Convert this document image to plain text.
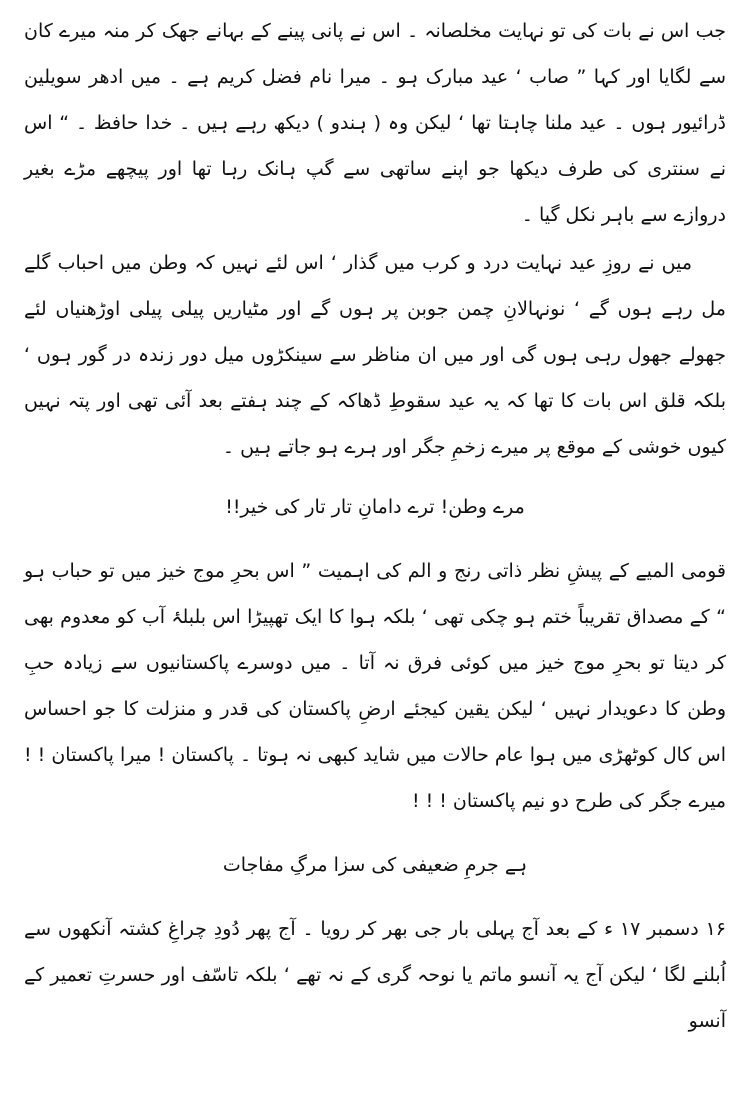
جب اس نے بات کی تو نہایت مخلصانہ ۔ اس نے پانی پینے کے بہانے جھک کر منہ میرے کان سے لگایا اور کہا ” صاب ‘ عید مبارک ہو ۔ میرا نام فضل کریم ہے ۔ میں ادھر سویلین ڈرائیور ہوں ۔ عید ملنا چاہتا تھا ‘ لیکن وہ ( ہندو ) دیکھ رہے ہیں ۔ خدا حافظ ۔ “ اس نے سنتری کی طرف دیکھا جو اپنے ساتھی سے گپ ہانک رہا تھا اور پیچھے مڑے بغیر دروازے سے باہر نکل گیا ۔

میں نے روزِ عید نہایت درد و کرب میں گذار ‘ اس لئے نہیں کہ وطن میں احباب گلے مل رہے ہوں گے ‘ نونہالانِ چمن جوبن پر ہوں گے اور مٹیاریں پیلی پیلی اوڑھنیاں لئے جھولے جھول رہی ہوں گی اور میں ان مناظر سے سینکڑوں میل دور زندہ در گور ہوں ‘ بلکہ قلق اس بات کا تھا کہ یہ عید سقوطِ ڈھاکہ کے چند ہفتے بعد آئی تھی اور پتہ نہیں کیوں خوشی کے موقع پر میرے زخمِ جگر اور ہرے ہو جاتے ہیں ۔

مرے وطن! ترے دامانِ تار تار کی خیر!!

قومی المیے کے پیشِ نظر ذاتی رنج و الم کی اہمیت ” اس بحرِ موج خیز میں تو حباب ہو “ کے مصداق تقریباً ختم ہو چکی تھی ‘ بلکہ ہوا کا ایک تھپیڑا اس بلبلۂ آب کو معدوم بھی کر دیتا تو بحرِ موج خیز میں کوئی فرق نہ آتا ۔ میں دوسرے پاکستانیوں سے زیادہ حبِ وطن کا دعویدار نہیں ‘ لیکن یقین کیجئے ارضِ پاکستان کی قدر و منزلت کا جو احساس اس کال کوٹھڑی میں ہوا عام حالات میں شاید کبھی نہ ہوتا ۔ پاکستان ! میرا پاکستان ! ! میرے جگر کی طرح دو نیم پاکستان ! ! !

ہے جرمِ ضعیفی کی سزا مرگِ مفاجات

۱۶ دسمبر ۱۷ ء کے بعد آج پہلی بار جی بھر کر رویا ۔ آج پھر دُودِ چراغِ کشتہ آنکھوں سے اُبلنے لگا ‘ لیکن آج یہ آنسو ماتم یا نوحہ گری کے نہ تھے ‘ بلکہ تاسّف اور حسرتِ تعمیر کے آنسو
